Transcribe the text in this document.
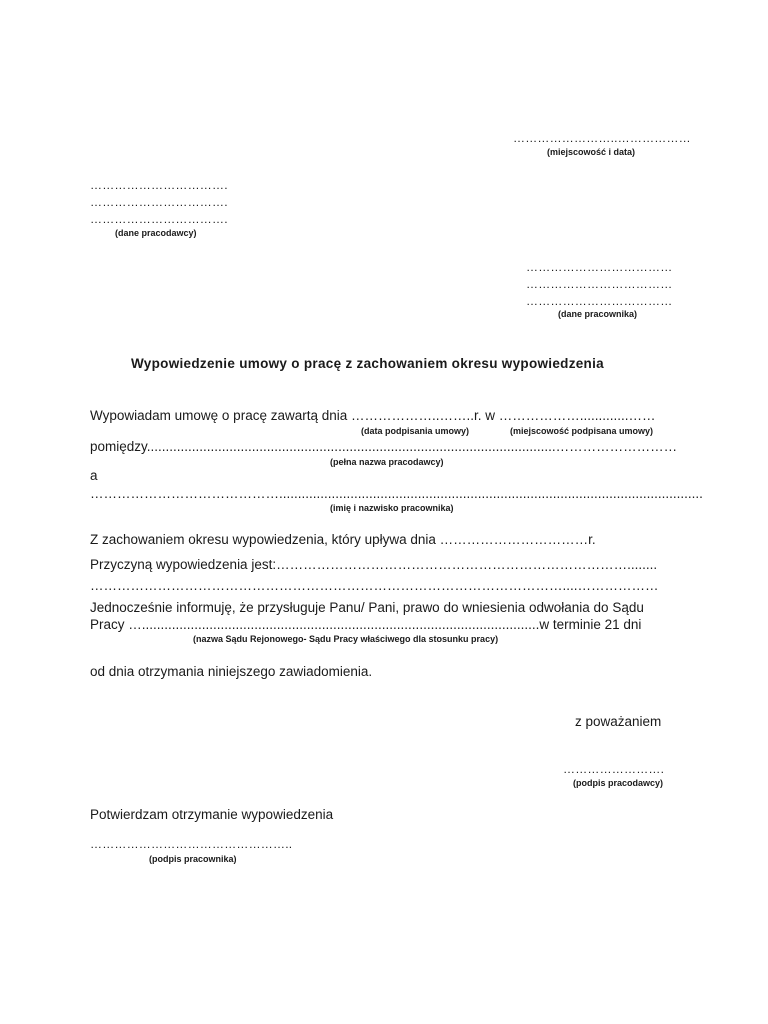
……………………..………………
(miejscowość i data)
…………………………….
…………………………….
…………………………….
(dane pracodawcy)
………………………………
………………………………
………………………………
(dane pracownika)
Wypowiedzenie umowy o pracę z zachowaniem okresu wypowiedzenia
Wypowiadam umowę o pracę zawartą dnia ………………..……..r. w ……………….............……
(data podpisania umowy)	(miejscowość podpisana umowy)
pomiędzy.............................................................................................................………………………
(pełna nazwa pracodawcy)
a
…………………………………….................................................................................................................
(imię i nazwisko pracownika)
Z zachowaniem okresu wypowiedzenia, który upływa dnia ……………………………r.
Przyczyną wypowiedzenia jest:……………………………………………………………………........
……………………………………………………………………………………………....………………
Jednocześnie informuję, że przysługuje Panu/ Pani, prawo do wniesienia odwołania do Sądu
Pracy …..........................................................................................................w terminie 21 dni
(nazwa Sądu Rejonowego- Sądu Pracy właściwego dla stosunku pracy)
od dnia otrzymania niniejszego zawiadomienia.
z poważaniem
…………………….
(podpis pracodawcy)
Potwierdzam otrzymanie wypowiedzenia
…………………………………………..
(podpis pracownika)
